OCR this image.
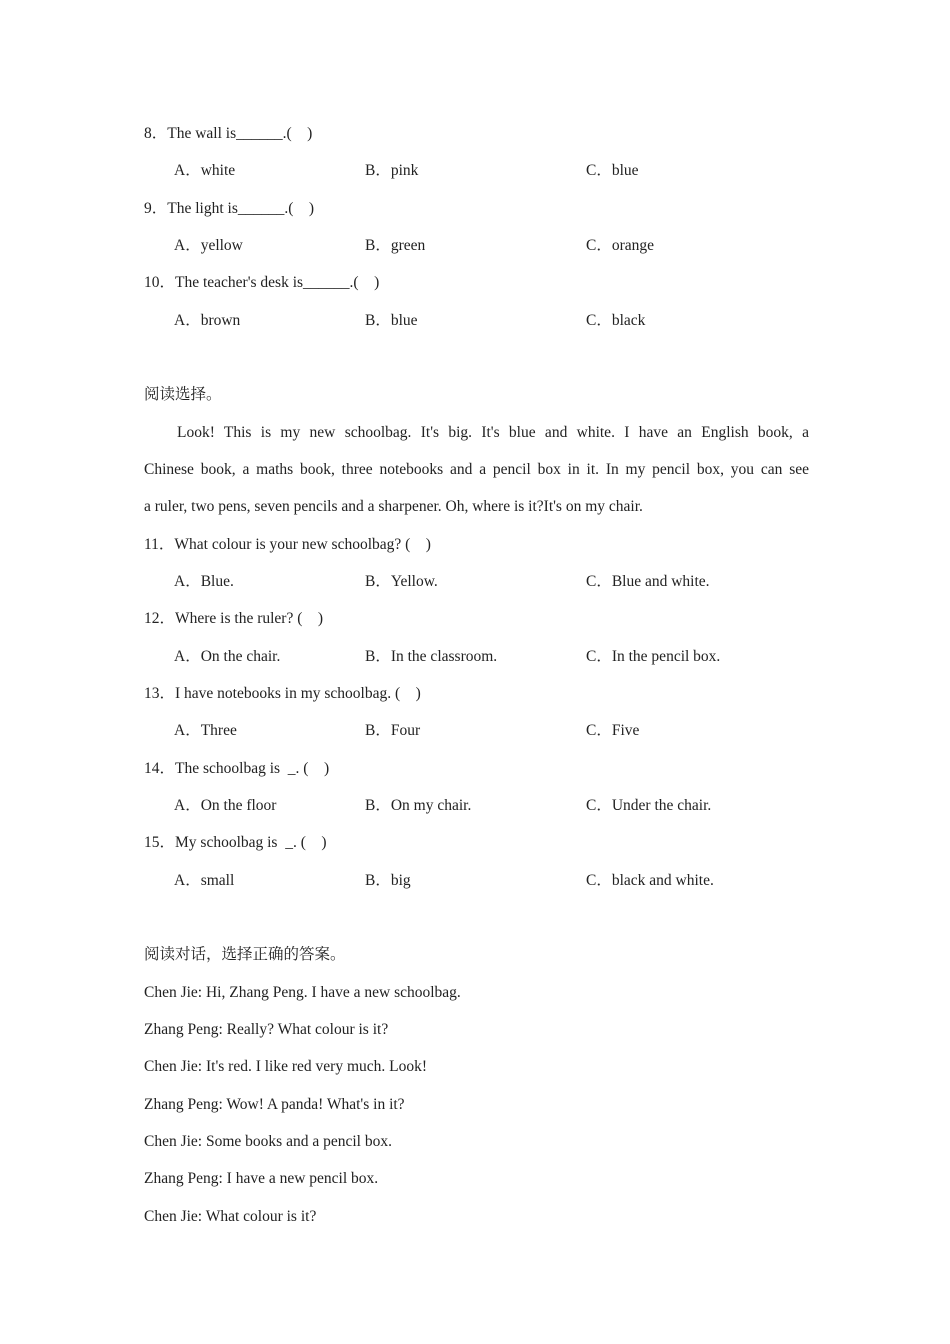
8．The wall is______.(    )
A．white	B．pink	C．blue
9．The light is______.(    )
A．yellow	B．green	C．orange
10．The teacher's desk is______.(    )
A．brown	B．blue	C．black
阅读选择。
Look! This is my new schoolbag. It's big. It's blue and white. I have an English book, a
Chinese book, a maths book, three notebooks and a pencil box in it. In my pencil box, you can see
a ruler, two pens, seven pencils and a sharpener. Oh, where is it?It's on my chair.
11．What colour is your new schoolbag? (    )
A．Blue.	B．Yellow.	C．Blue and white.
12．Where is the ruler? (    )
A．On the chair.	B．In the classroom.	C．In the pencil box.
13．I have notebooks in my schoolbag. (    )
A．Three	B．Four	C．Five
14．The schoolbag is  _. (    )
A．On the floor	B．On my chair.	C．Under the chair.
15．My schoolbag is  _. (    )
A．small	B．big	C．black and white.
阅读对话，选择正确的答案。
Chen Jie: Hi, Zhang Peng. I have a new schoolbag.
Zhang Peng: Really? What colour is it?
Chen Jie: It's red. I like red very much. Look!
Zhang Peng: Wow! A panda! What's in it?
Chen Jie: Some books and a pencil box.
Zhang Peng: I have a new pencil box.
Chen Jie: What colour is it?
